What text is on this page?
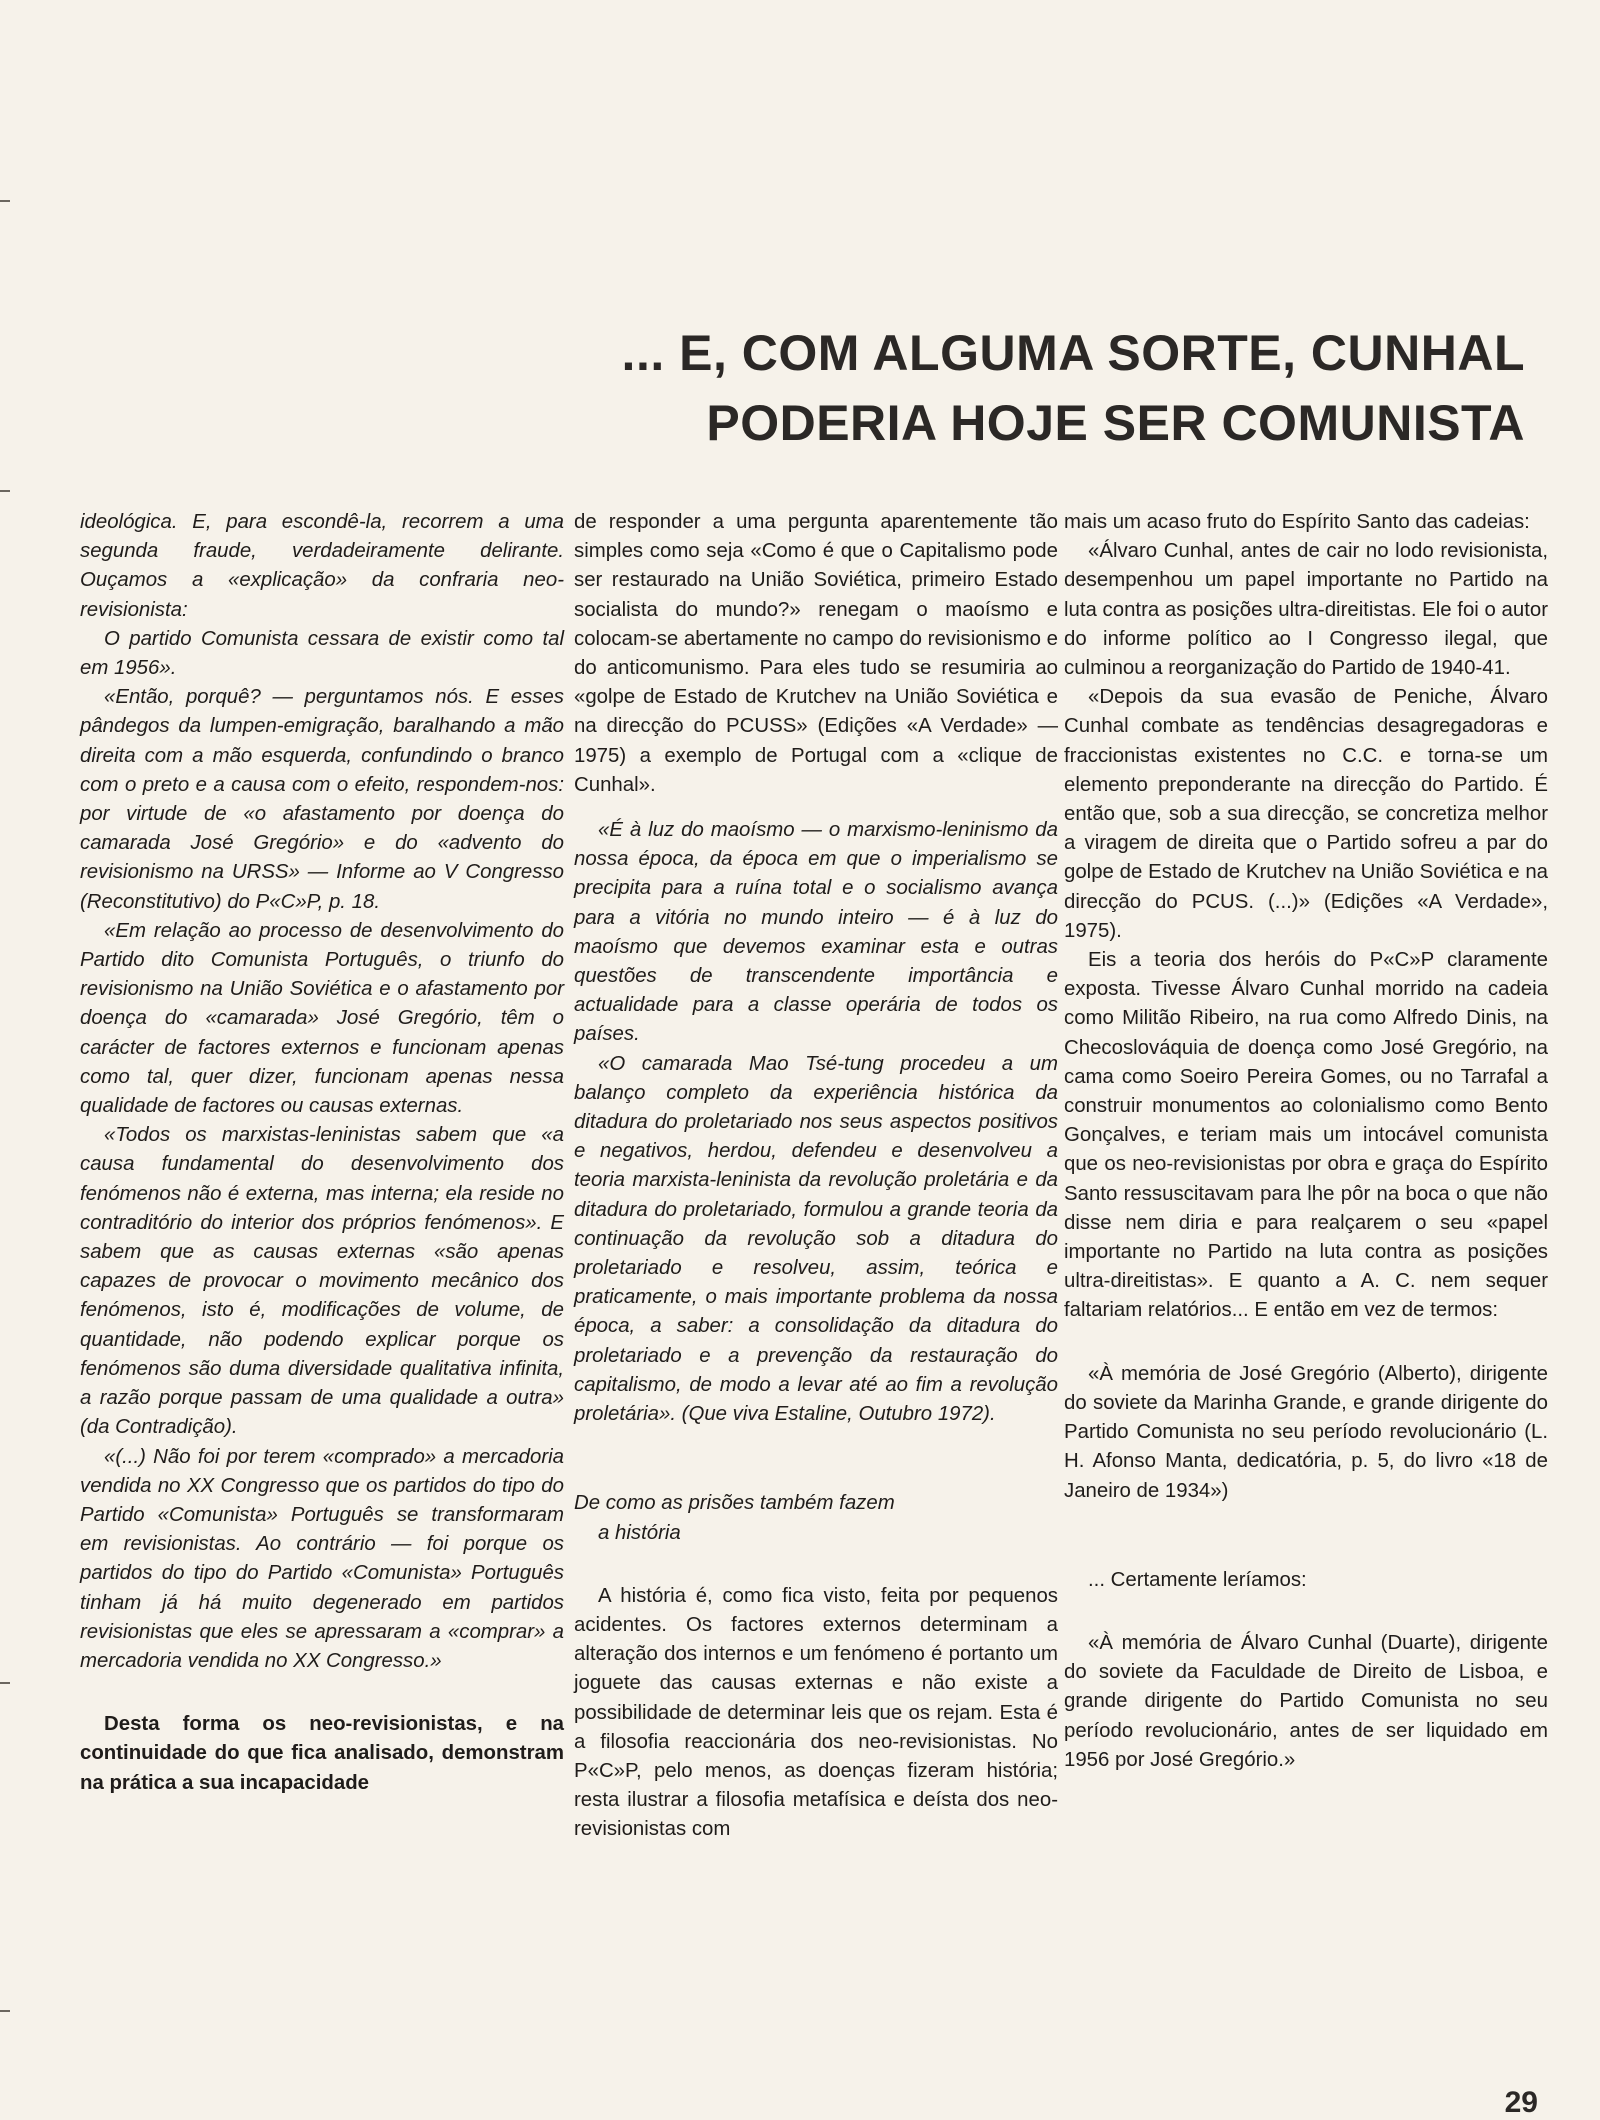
... E, COM ALGUMA SORTE, CUNHAL
PODERIA HOJE SER COMUNISTA

ideológica. E, para escondê-la, recorrem a uma segunda fraude, verdadeiramente delirante. Ouçamos a «explicação» da confraria neo-revisionista:

O partido Comunista cessara de existir como tal em 1956».

«Então, porquê? — perguntamos nós. E esses pândegos da lumpen-emigração, baralhando a mão direita com a mão esquerda, confundindo o branco com o preto e a causa com o efeito, respondem-nos: por virtude de «o afastamento por doença do camarada José Gregório» e do «advento do revisionismo na URSS» — Informe ao V Congresso (Reconstitutivo) do P«C»P, p. 18.

«Em relação ao processo de desenvolvimento do Partido dito Comunista Português, o triunfo do revisionismo na União Soviética e o afastamento por doença do «camarada» José Gregório, têm o carácter de factores externos e funcionam apenas como tal, quer dizer, funcionam apenas nessa qualidade de factores ou causas externas.

«Todos os marxistas-leninistas sabem que «a causa fundamental do desenvolvimento dos fenómenos não é externa, mas interna; ela reside no contraditório do interior dos próprios fenómenos». E sabem que as causas externas «são apenas capazes de provocar o movimento mecânico dos fenómenos, isto é, modificações de volume, de quantidade, não podendo explicar porque os fenómenos são duma diversidade qualitativa infinita, a razão porque passam de uma qualidade a outra» (da Contradição).

«(...) Não foi por terem «comprado» a mercadoria vendida no XX Congresso que os partidos do tipo do Partido «Comunista» Português se transformaram em revisionistas. Ao contrário — foi porque os partidos do tipo do Partido «Comunista» Português tinham já há muito degenerado em partidos revisionistas que eles se apressaram a «comprar» a mercadoria vendida no XX Congresso.»

Desta forma os neo-revisionistas, e na continuidade do que fica analisado, demonstram na prática a sua incapacidade

de responder a uma pergunta aparentemente tão simples como seja «Como é que o Capitalismo pode ser restaurado na União Soviética, primeiro Estado socialista do mundo?» renegam o maoísmo e colocam-se abertamente no campo do revisionismo e do anticomunismo. Para eles tudo se resumiria ao «golpe de Estado de Krutchev na União Soviética e na direcção do PCUSS» (Edições «A Verdade» — 1975) a exemplo de Portugal com a «clique de Cunhal».

«É à luz do maoísmo — o marxismo-leninismo da nossa época, da época em que o imperialismo se precipita para a ruína total e o socialismo avança para a vitória no mundo inteiro — é à luz do maoísmo que devemos examinar esta e outras questões de transcendente importância e actualidade para a classe operária de todos os países.

«O camarada Mao Tsé-tung procedeu a um balanço completo da experiência histórica da ditadura do proletariado nos seus aspectos positivos e negativos, herdou, defendeu e desenvolveu a teoria marxista-leninista da revolução proletária e da ditadura do proletariado, formulou a grande teoria da continuação da revolução sob a ditadura do proletariado e resolveu, assim, teórica e praticamente, o mais importante problema da nossa época, a saber: a consolidação da ditadura do proletariado e a prevenção da restauração do capitalismo, de modo a levar até ao fim a revolução proletária». (Que viva Estaline, Outubro 1972).

De como as prisões também fazem
a história

A história é, como fica visto, feita por pequenos acidentes. Os factores externos determinam a alteração dos internos e um fenómeno é portanto um joguete das causas externas e não existe a possibilidade de determinar leis que os rejam. Esta é a filosofia reaccionária dos neo-revisionistas. No P«C»P, pelo menos, as doenças fizeram história; resta ilustrar a filosofia metafísica e deísta dos neo-revisionistas com

mais um acaso fruto do Espírito Santo das cadeias:

«Álvaro Cunhal, antes de cair no lodo revisionista, desempenhou um papel importante no Partido na luta contra as posições ultra-direitistas. Ele foi o autor do informe político ao I Congresso ilegal, que culminou a reorganização do Partido de 1940-41.

«Depois da sua evasão de Peniche, Álvaro Cunhal combate as tendências desagregadoras e fraccionistas existentes no C.C. e torna-se um elemento preponderante na direcção do Partido. É então que, sob a sua direcção, se concretiza melhor a viragem de direita que o Partido sofreu a par do golpe de Estado de Krutchev na União Soviética e na direcção do PCUS. (...)» (Edições «A Verdade», 1975).

Eis a teoria dos heróis do P«C»P claramente exposta. Tivesse Álvaro Cunhal morrido na cadeia como Militão Ribeiro, na rua como Alfredo Dinis, na Checoslováquia de doença como José Gregório, na cama como Soeiro Pereira Gomes, ou no Tarrafal a construir monumentos ao colonialismo como Bento Gonçalves, e teriam mais um intocável comunista que os neo-revisionistas por obra e graça do Espírito Santo ressuscitavam para lhe pôr na boca o que não disse nem diria e para realçarem o seu «papel importante no Partido na luta contra as posições ultra-direitistas». E quanto a A. C. nem sequer faltariam relatórios... E então em vez de termos:

«À memória de José Gregório (Alberto), dirigente do soviete da Marinha Grande, e grande dirigente do Partido Comunista no seu período revolucionário (L. H. Afonso Manta, dedicatória, p. 5, do livro «18 de Janeiro de 1934»)

... Certamente leríamos:

«À memória de Álvaro Cunhal (Duarte), dirigente do soviete da Faculdade de Direito de Lisboa, e grande dirigente do Partido Comunista no seu período revolucionário, antes de ser liquidado em 1956 por José Gregório.»

29
